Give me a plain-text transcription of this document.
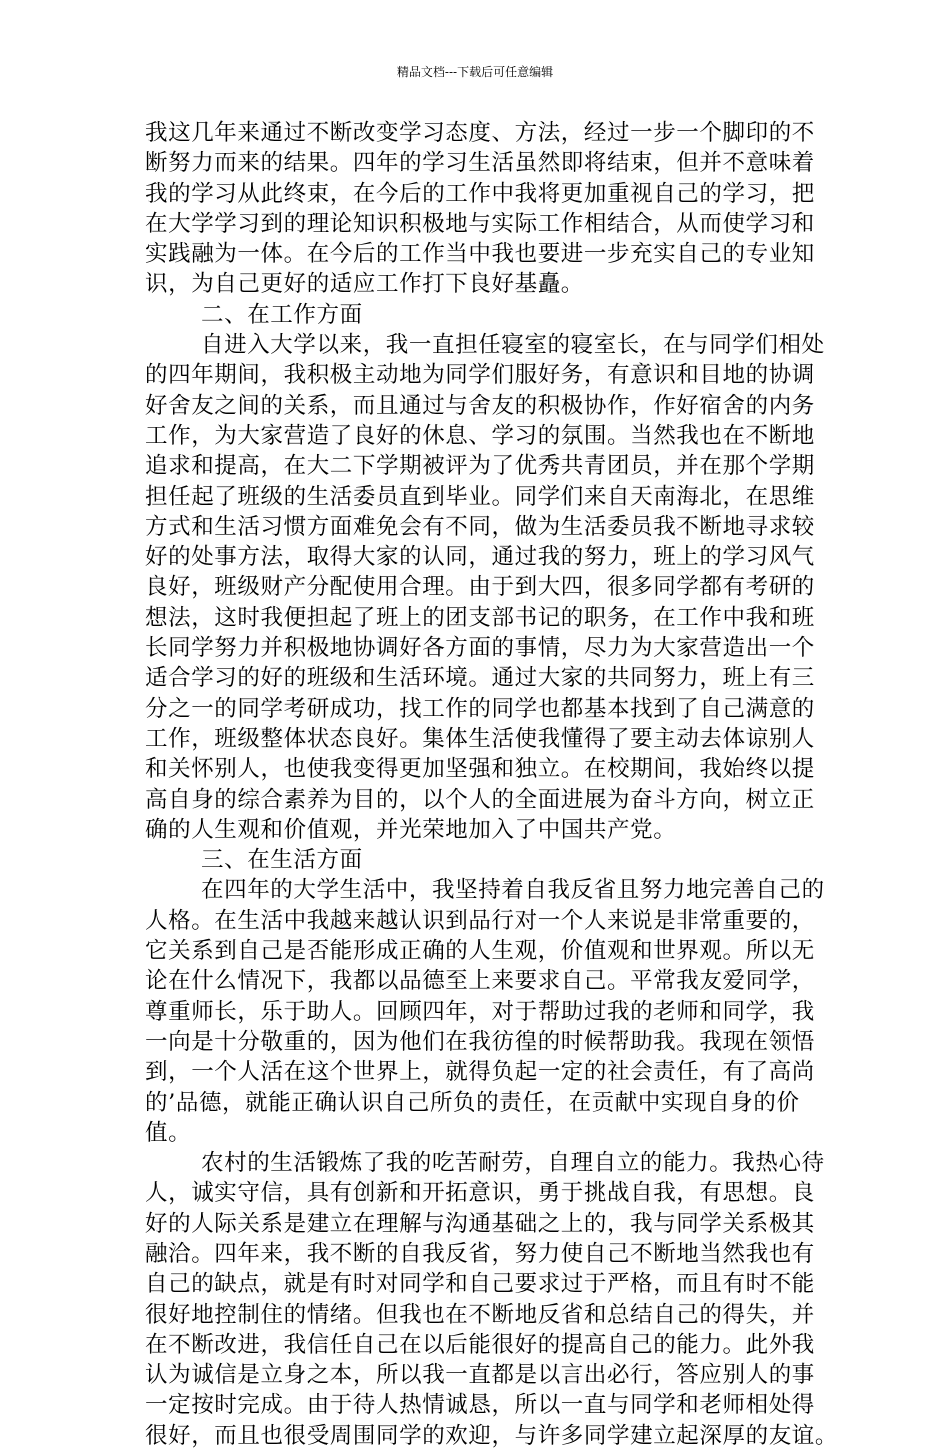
精品文档---下载后可任意编辑
我这几年来通过不断改变学习态度、方法，经过一步一个脚印的不
断努力而来的结果。四年的学习生活虽然即将结束，但并不意味着
我的学习从此终束，在今后的工作中我将更加重视自己的学习，把
在大学学习到的理论知识积极地与实际工作相结合，从而使学习和
实践融为一体。在今后的工作当中我也要进一步充实自己的专业知
识，为自己更好的适应工作打下良好基矗。
二、在工作方面
自进入大学以来，我一直担任寝室的寝室长，在与同学们相处
的四年期间，我积极主动地为同学们服好务，有意识和目地的协调
好舍友之间的关系，而且通过与舍友的积极协作，作好宿舍的内务
工作，为大家营造了良好的休息、学习的氛围。当然我也在不断地
追求和提高，在大二下学期被评为了优秀共青团员，并在那个学期
担任起了班级的生活委员直到毕业。同学们来自天南海北，在思维
方式和生活习惯方面难免会有不同，做为生活委员我不断地寻求较
好的处事方法，取得大家的认同，通过我的努力，班上的学习风气
良好，班级财产分配使用合理。由于到大四，很多同学都有考研的
想法，这时我便担起了班上的团支部书记的职务，在工作中我和班
长同学努力并积极地协调好各方面的事情，尽力为大家营造出一个
适合学习的好的班级和生活环境。通过大家的共同努力，班上有三
分之一的同学考研成功，找工作的同学也都基本找到了自己满意的
工作，班级整体状态良好。集体生活使我懂得了要主动去体谅别人
和关怀别人，也使我变得更加坚强和独立。在校期间，我始终以提
高自身的综合素养为目的，以个人的全面进展为奋斗方向，树立正
确的人生观和价值观，并光荣地加入了中国共产党。
三、在生活方面
在四年的大学生活中，我坚持着自我反省且努力地完善自己的
人格。在生活中我越来越认识到品行对一个人来说是非常重要的，
它关系到自己是否能形成正确的人生观，价值观和世界观。所以无
论在什么情况下，我都以品德至上来要求自己。平常我友爱同学，
尊重师长，乐于助人。回顾四年，对于帮助过我的老师和同学，我
一向是十分敬重的，因为他们在我彷徨的时候帮助我。我现在领悟
到，一个人活在这个世界上，就得负起一定的社会责任，有了高尚
的’品德，就能正确认识自己所负的责任，在贡献中实现自身的价
值。
农村的生活锻炼了我的吃苦耐劳，自理自立的能力。我热心待
人，诚实守信，具有创新和开拓意识，勇于挑战自我，有思想。良
好的人际关系是建立在理解与沟通基础之上的，我与同学关系极其
融洽。四年来，我不断的自我反省，努力使自己不断地当然我也有
自己的缺点，就是有时对同学和自己要求过于严格，而且有时不能
很好地控制住的情绪。但我也在不断地反省和总结自己的得失，并
在不断改进，我信任自己在以后能很好的提高自己的能力。此外我
认为诚信是立身之本，所以我一直都是以言出必行，答应别人的事
一定按时完成。由于待人热情诚恳，所以一直与同学和老师相处得
很好，而且也很受周围同学的欢迎，与许多同学建立起深厚的友谊。
